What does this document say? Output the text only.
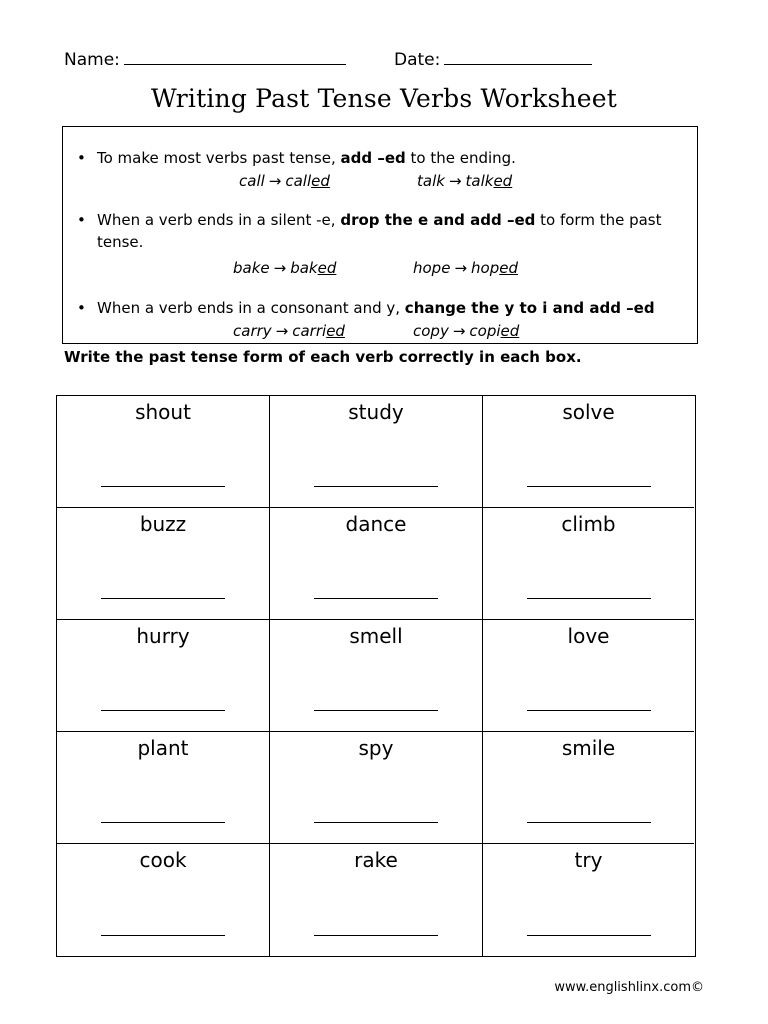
Name:	Date:
Writing Past Tense Verbs Worksheet
• To make most verbs past tense, add –ed to the ending.
call → called	talk → talked
• When a verb ends in a silent -e, drop the e and add –ed to form the past tense.
bake → baked	hope → hoped
• When a verb ends in a consonant and y, change the y to i and add –ed
carry → carried	copy → copied
Write the past tense form of each verb correctly in each box.
shout	study	solve
buzz	dance	climb
hurry	smell	love
plant	spy	smile
cook	rake	try
www.englishlinx.com©
